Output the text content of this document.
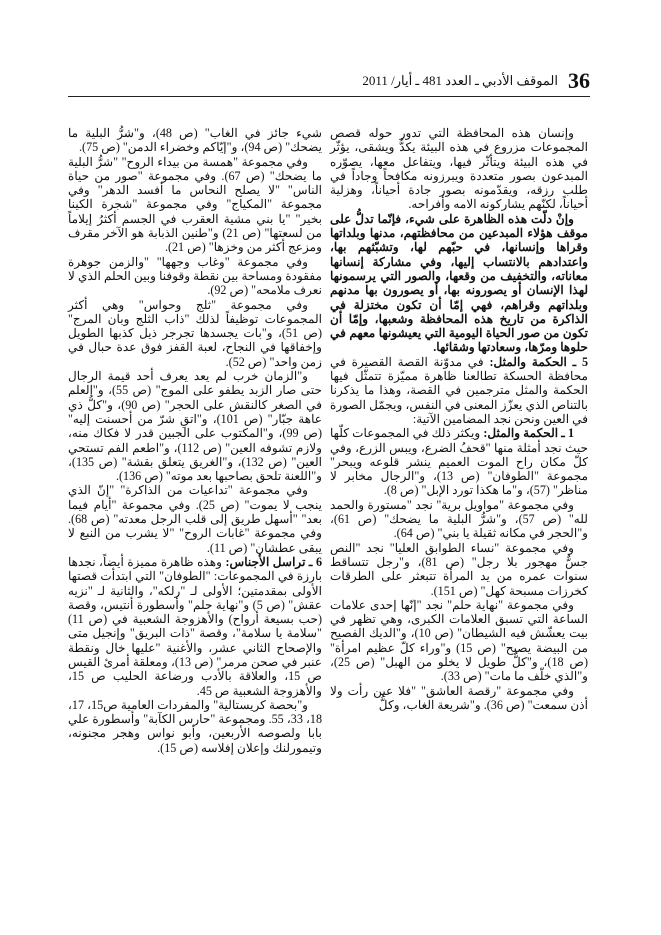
36
الموقف الأدبي ـ العدد 481 ـ أيار/ 2011

وإنسان هذه المحافظة التي تدور حوله قصص المجموعات مزروع في هذه البيئة يكدُّ ويشقى، يؤثّر في هذه البيئة ويتأثّر فيها، ويتفاعل معها، يصوّره المبدعون بصور متعددة ويبرزونه مكافحاً وجاداً في طلب رزقه، ويقدّمونه بصور جادة أحياناً، وهزلية أحياناً، لكنّهم يشاركونه الامه وأفراحه.

وإنْ دلّت هذه الظاهرة على شيء، فإنّما تدلُّ على موقف هؤلاء المبدعين من محافظتهم، مدنها وبلداتها وقراها وإنسانها، في حبّهم لها، وتشبّثهم بها، واعتدادهم بالانتساب إليها، وفي مشاركة إنسانها معاناته، والتخفيف من وقعها، والصور التي يرسمونها لهذا الإنسان أو يصورونه بها، أو يصورون بها مدنهم وبلداتهم وقراهم، فهي إمّا أن تكون مختزلة في الذاكرة من تاريخ هذه المحافظة وشعبها، وإمّا أن تكون من صور الحياة اليومية التي يعيشونها معهم في حلوها ومرّها، وسعادتها وشقائها.

5 ـ الحكمة والمثل: في مدوّنة القصة القصيرة في محافظة الحسكة تطالعنا ظاهرة مميّزة تتمثّل فيها الحكمة والمثل مترجمين في القصة، وهذا ما يذكرنا بالتناص الذي يعزّز المعنى في النفس، ويجمّل الصورة في العين ونحن نجد المضامين الآتية:

1 ـ الحكمة والمثل: ويكثر ذلك في المجموعات كلّها حيث نجد أمثلة منها "قحفُ الضرع، ويبس الزرع، وفي كلّ مكان راح الموت العميم ينشر قلوعه ويبحر" مجموعة "الطوفان" (ص 13)، و"الرجال مخابر لا مناظر" (57)، و"ما هكذا تورد الإبل" (ص 8).

وفي مجموعة "مواويل برية" نجد "مستورة والحمد لله" (ص 57)، و"شرُّ البلية ما يضحك" (ص 61)، و"الحجر في مكانه ثقيلة يا بني" (ص 64).

وفي مجموعة "نساء الطوابق العليا" نجد "النص جسٌّ مهجور بلا رجل" (ص 81)، و"رجل تتساقط سنوات عمره من يد المرأة تتبعثر على الطرقات كخرزات مسبحة كهل" (ص 151).

وفي مجموعة "نهاية حلم" نجد "إنّها إحدى علامات الساعة التي تسبق العلامات الكبرى، وهي تظهر في بيت يعشّش فيه الشيطان" (ص 10)، و"الديك الفصيح من البيضة يصيح" (ص 15) و"وراء كلّ عظيم امرأة" (ص 18)، و"كلُّ طويل لا يخلو من الهبل" (ص 25)، و"الذي خلّف ما مات" (ص 33).

وفي مجموعة "رقصة العاشق" "فلا عين رأت ولا أذن سمعت" (ص 36). و"شريعة الغاب، وكلُّ

شيء جائز في الغاب" (ص 48)، و"شرُّ البلية ما يضحك" (ص 94)، و"إيّاكم وخضراء الدمن" (ص 75).

وفي مجموعة "همسة من بيداء الروح" "شرُّ البلية ما يضحك" (ص 67). وفي مجموعة "صور من حياة الناس" "لا يصلح النحاس ما أفسد الدهر" وفي مجموعة "المكياج" وفي مجموعة "شجرة الكينا بخير" "يا بني مشية العقرب في الجسم أكثرُ إيلاماً من لسعتها" (ص 21) و"طنين الذبابة هو الآخر مقرف ومزعج أكثر من وخزها" (ص 21).

وفي مجموعة "وغاب وجهها" "والزمن جوهرة مفقودة ومساحة بين نقطة وقوفنا وبين الحلم الذي لا نعرف ملامحه" (ص 92).

وفي مجموعة "ثلج وحواس" وهي أكثر المجموعات توظيفاً لذلك "ذاب الثلج وبان المرج" (ص 51)، و"بات يجسدها تجرجر ذيل كذبها الطويل وإخفاقها في النجاح، لعبة القفز فوق عدة حبال في زمن واحد" (ص 52).

و"الزمان خرب لم يعد يعرف أحد قيمة الرجال حتى صار الزبد يطفو على الموج" (ص 55)، و"العلم في الصغر كالنقش على الحجر" (ص 90)، و"كلُّ ذي عاهة جبّار" (ص 101)، و"اتقِ شرّ من أحسنت إليه" (ص 99)، و"المكتوب على الجبين قدر لا فكاك منه، ولازم تشوفه العين" (ص 112)، و"اطعم الفم تستحي العين" (ص 132)، و"الغريق يتعلق بقشة" (ص 135)، و"اللعنة تلحق بصاحبها بعد موته" (ص 136).

وفي مجموعة "تداعيات من الذاكرة" "إنّ الذي ينجب لا يموت" (ص 25). وفي مجموعة "أيام فيما بعد" "أسهل طريق إلى قلب الرجل معدته" (ص 68). وفي مجموعة "غابات الروح" "لا يشرب من النبع لا يبقى عطشان" (ص 11).

6 ـ تراسل الأجناس: وهذه ظاهرة مميزة أيضاً، نجدها بارزة في المجموعات: "الطوفان" التي ابتدأت قصتها الأولى بمقدمتين؛ الأولى لـ "رلكه"، والثانية لـ "نزيه عقش" (ص 5) و"نهاية حلم" وأسطورة أنتيس، وقصة (حب بسيعة أرواح) والأهزوجة الشعبية في (ص 11) "سلامة يا سلامة"، وقصة "ذات البريق" وإنجيل متى والإصحاح الثاني عشر، والأغنية "عليها خال ونقطة عنبر في صحن مرمر" (ص 13)، ومعلقة أمرئ القيس ص 15، والعلاقة بالأدب ورضاعة الحليب ص 15، والأهزوجة الشعبية ص 45.

و"بحصة كريستالية" والمفردات العامية ص15، 17، 18، 33، 55. ومجموعة "حارس الكآبة" وأسطورة علي بابا ولصوصه الأربعين، وأبو نواس وهجر مجنونه، وتيمورلنك وإعلان إفلاسه (ص 15).
